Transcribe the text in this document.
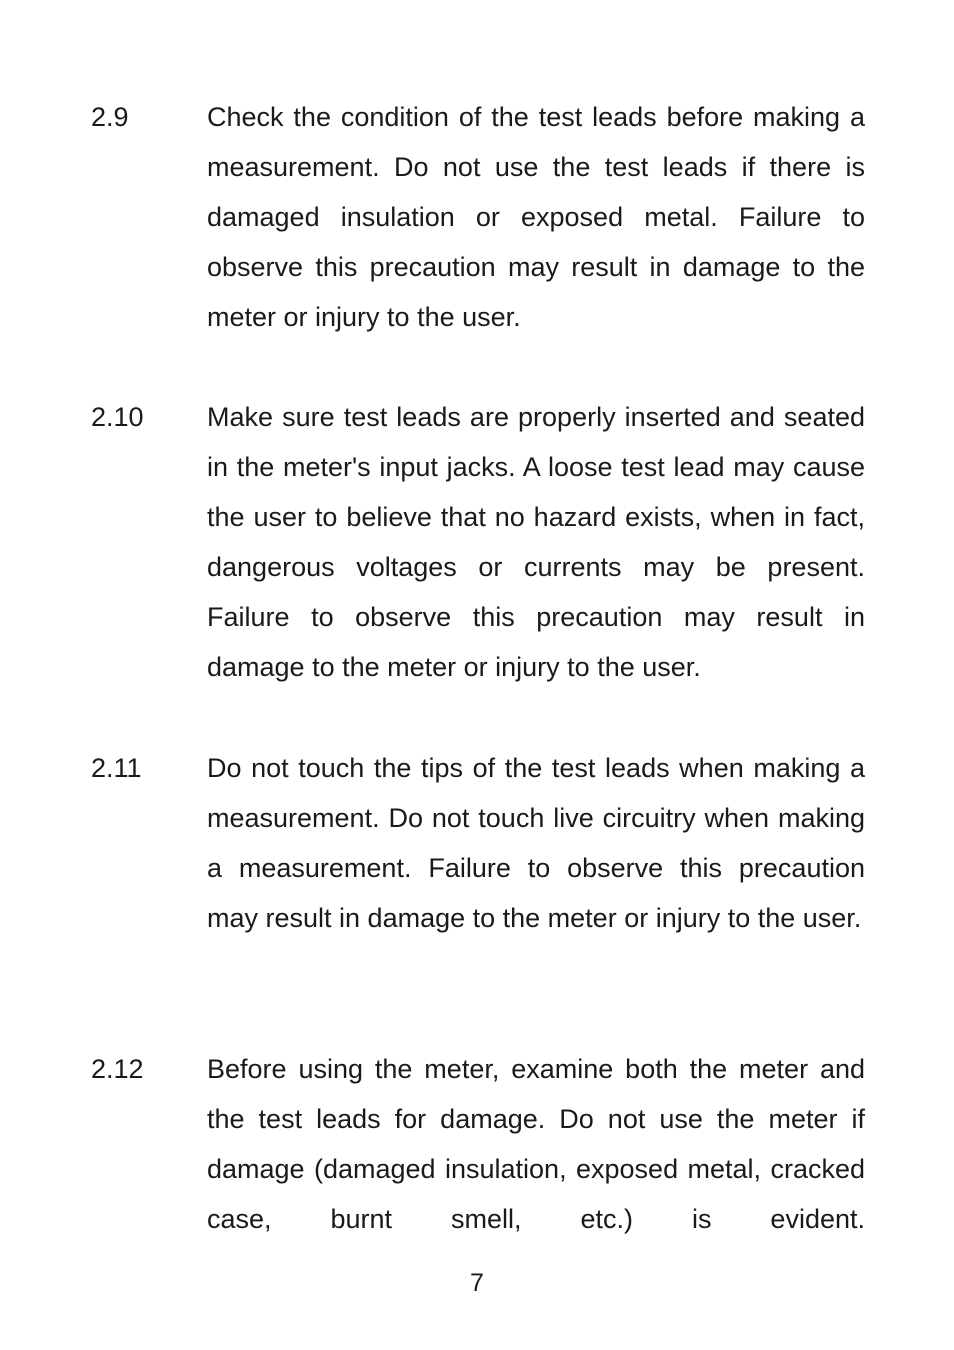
2.9	Check the condition of the test leads before making a measurement. Do not use the test leads if there is damaged insulation or exposed metal. Failure to observe this precaution may result in damage to the meter or injury to the user.

2.10 Make sure test leads are properly inserted and seated in the meter's input jacks. A loose test lead may cause the user to believe that no hazard exists, when in fact, dangerous voltages or currents may be present. Failure to observe this precaution may result in damage to the meter or injury to the user.

2.11 Do not touch the tips of the test leads when making a measurement. Do not touch live circuitry when making a measurement. Failure to observe this precaution may result in damage to the meter or injury to the user.

2.12 Before using the meter, examine both the meter and the test leads for damage. Do not use the meter if damage (damaged insulation, exposed metal, cracked case, burnt smell, etc.) is evident.

7
